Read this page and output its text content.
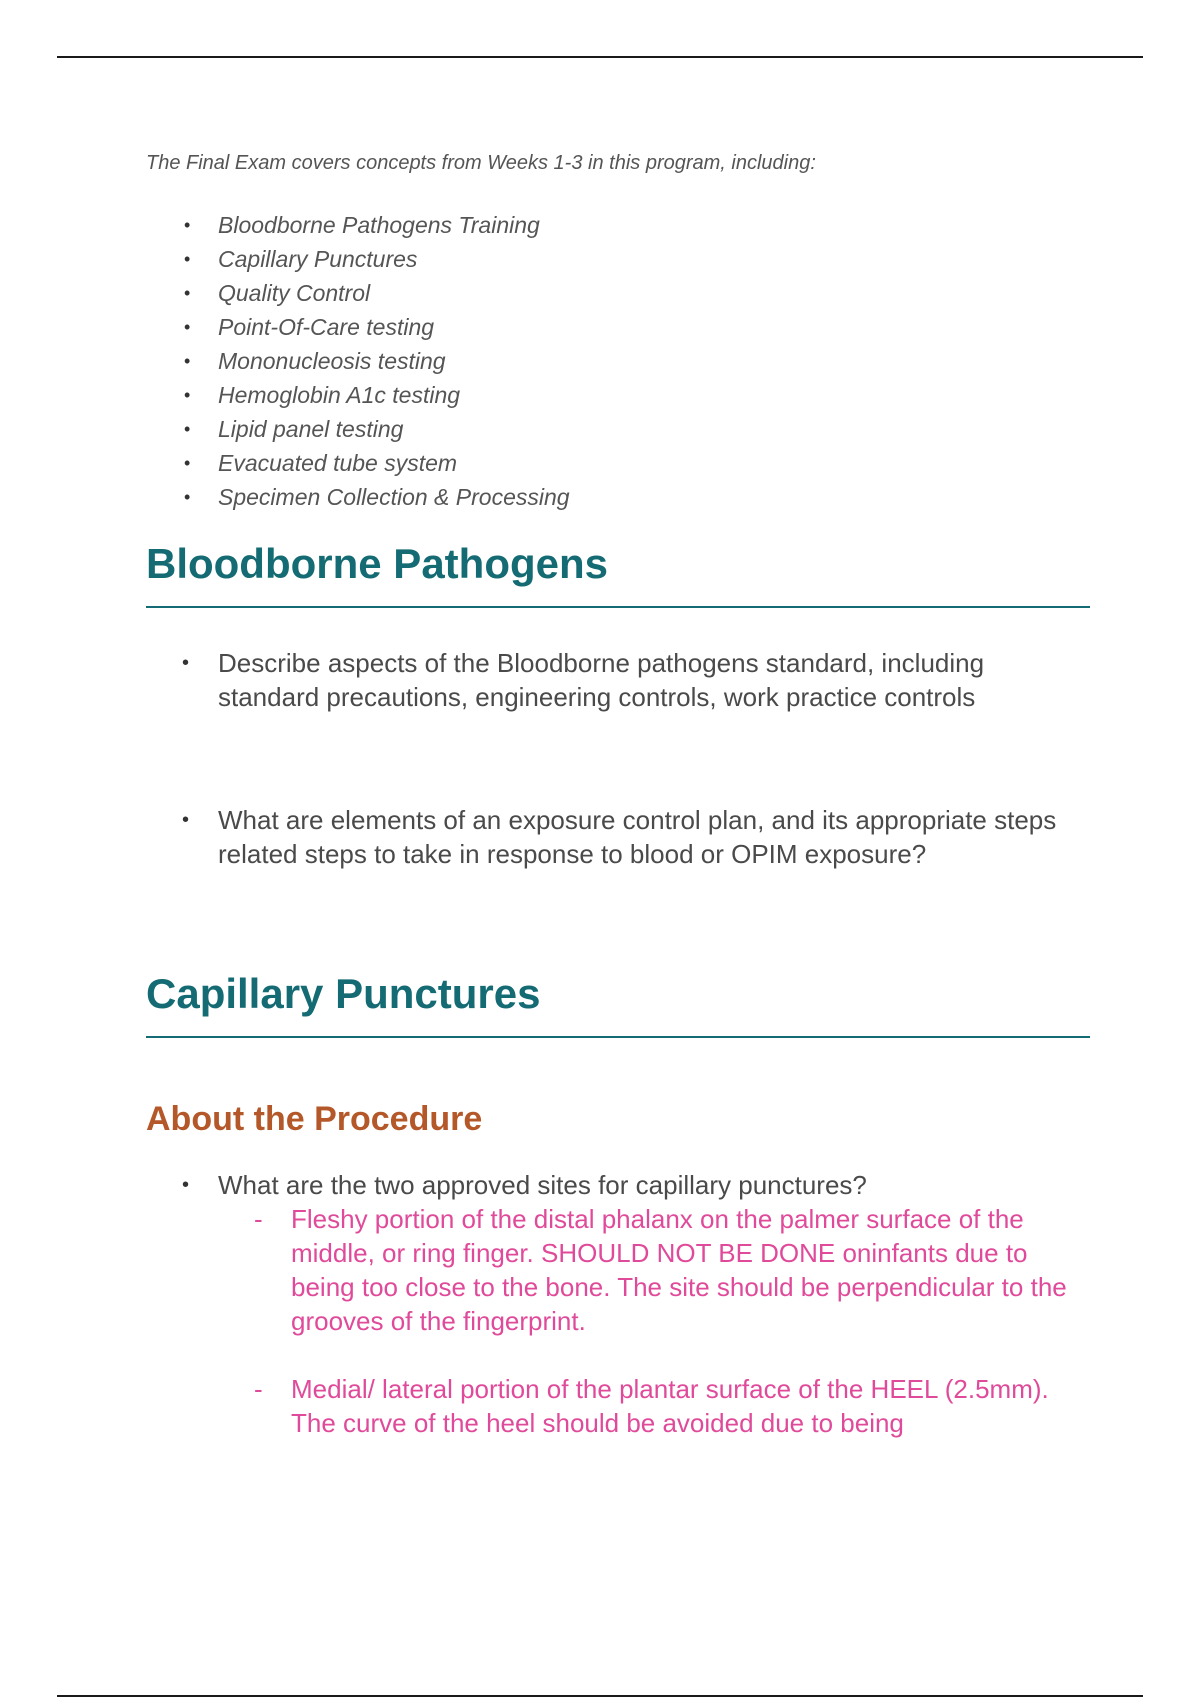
The Final Exam covers concepts from Weeks 1-3 in this program, including:
• Bloodborne Pathogens Training
• Capillary Punctures
• Quality Control
• Point-Of-Care testing
• Mononucleosis testing
• Hemoglobin A1c testing
• Lipid panel testing
• Evacuated tube system
• Specimen Collection & Processing
Bloodborne Pathogens
•	Describe aspects of the Bloodborne pathogens standard, including standard precautions, engineering controls, work practice controls
•	What are elements of an exposure control plan, and its appropriate steps related steps to take in response to blood or OPIM exposure?
Capillary Punctures
About the Procedure
•	What are the two approved sites for capillary punctures?
-	Fleshy portion of the distal phalanx on the palmer surface of the middle, or ring finger. SHOULD NOT BE DONE oninfants due to being too close to the bone. The site should be perpendicular to the grooves of the fingerprint.
-	Medial/ lateral portion of the plantar surface of the HEEL (2.5mm). The curve of the heel should be avoided due to being
